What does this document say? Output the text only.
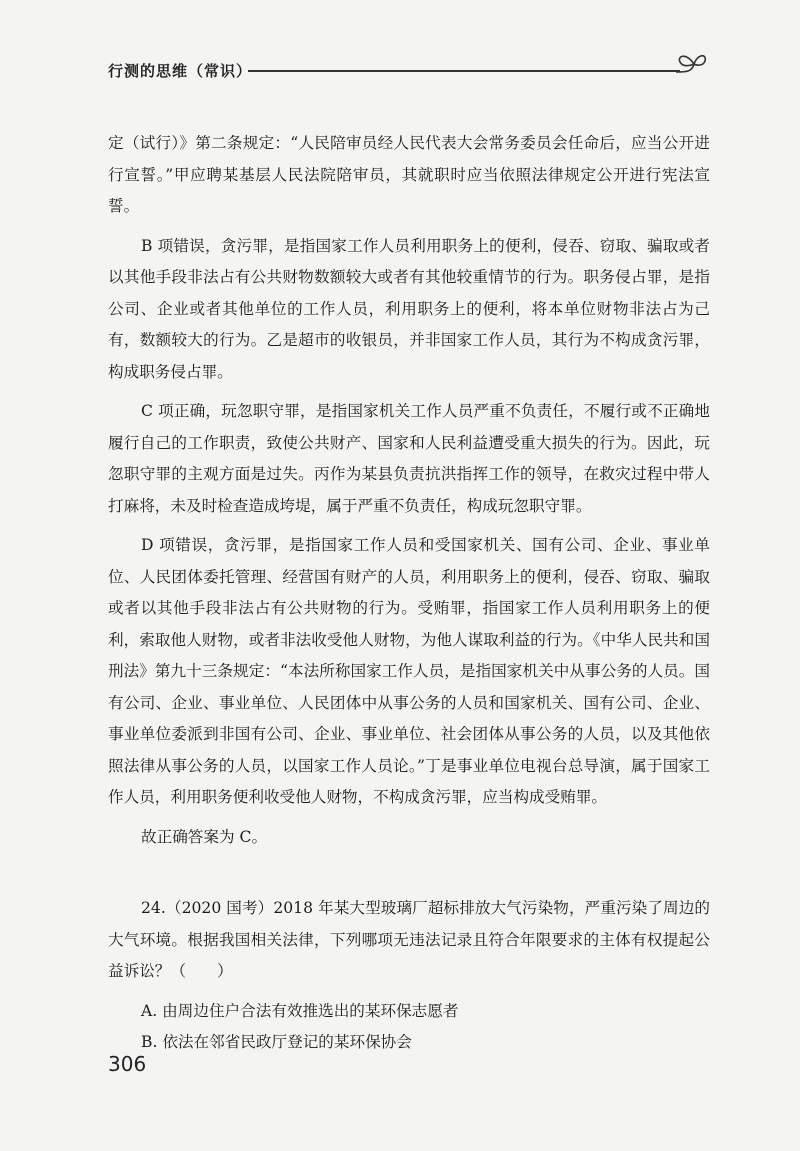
行测的思维（常识）

定（试行）》第二条规定：“人民陪审员经人民代表大会常务委员会任命后，应当公开进行宣誓。”甲应聘某基层人民法院陪审员，其就职时应当依照法律规定公开进行宪法宣誓。

B 项错误，贪污罪，是指国家工作人员利用职务上的便利，侵吞、窃取、骗取或者以其他手段非法占有公共财物数额较大或者有其他较重情节的行为。职务侵占罪，是指公司、企业或者其他单位的工作人员，利用职务上的便利，将本单位财物非法占为己有，数额较大的行为。乙是超市的收银员，并非国家工作人员，其行为不构成贪污罪，构成职务侵占罪。

C 项正确，玩忽职守罪，是指国家机关工作人员严重不负责任，不履行或不正确地履行自己的工作职责，致使公共财产、国家和人民利益遭受重大损失的行为。因此，玩忽职守罪的主观方面是过失。丙作为某县负责抗洪指挥工作的领导，在救灾过程中带人打麻将，未及时检查造成垮堤，属于严重不负责任，构成玩忽职守罪。

D 项错误，贪污罪，是指国家工作人员和受国家机关、国有公司、企业、事业单位、人民团体委托管理、经营国有财产的人员，利用职务上的便利，侵吞、窃取、骗取或者以其他手段非法占有公共财物的行为。受贿罪，指国家工作人员利用职务上的便利，索取他人财物，或者非法收受他人财物，为他人谋取利益的行为。《中华人民共和国刑法》第九十三条规定：“本法所称国家工作人员，是指国家机关中从事公务的人员。国有公司、企业、事业单位、人民团体中从事公务的人员和国家机关、国有公司、企业、事业单位委派到非国有公司、企业、事业单位、社会团体从事公务的人员，以及其他依照法律从事公务的人员，以国家工作人员论。”丁是事业单位电视台总导演，属于国家工作人员，利用职务便利收受他人财物，不构成贪污罪，应当构成受贿罪。

故正确答案为 C。

24.（2020 国考）2018 年某大型玻璃厂超标排放大气污染物，严重污染了周边的大气环境。根据我国相关法律，下列哪项无违法记录且符合年限要求的主体有权提起公益诉讼？（　　）

A. 由周边住户合法有效推选出的某环保志愿者

B. 依法在邻省民政厅登记的某环保协会

306
